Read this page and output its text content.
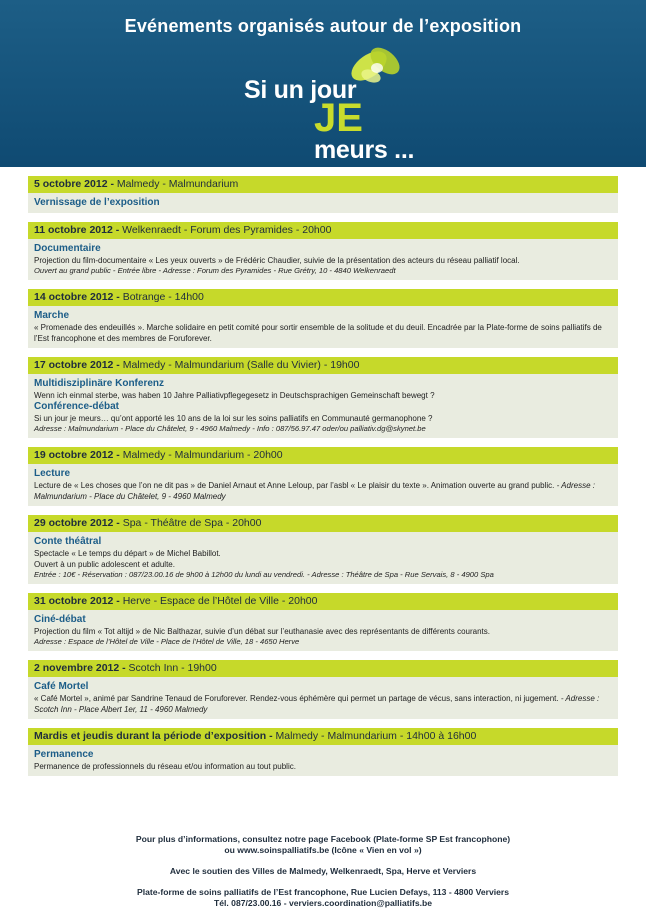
Evénements organisés autour de l’exposition
Si un jour
JE
meurs ...
5 octobre 2012 - Malmedy - Malmundarium
Vernissage de l’exposition
11 octobre 2012 - Welkenraedt - Forum des Pyramides - 20h00
Documentaire
Projection du film-documentaire « Les yeux ouverts » de Frédéric Chaudier, suivie de la présentation des acteurs du réseau palliatif local.
Ouvert au grand public - Entrée libre - Adresse : Forum des Pyramides - Rue Grétry, 10 - 4840 Welkenraedt
14 octobre 2012 - Botrange - 14h00
Marche
« Promenade des endeuillés ». Marche solidaire en petit comité pour sortir ensemble de la solitude et du deuil. Encadrée par la Plate-forme de soins palliatifs de l’Est francophone et des membres de Foruforever.
17 octobre 2012 - Malmedy - Malmundarium (Salle du Vivier) - 19h00
Multidisziplinäre Konferenz
Wenn ich einmal sterbe, was haben 10 Jahre Palliativpflegegesetz in Deutschsprachigen Gemeinschaft bewegt ?
Conférence-débat
Si un jour je meurs… qu’ont apporté les 10 ans de la loi sur les soins palliatifs en Communauté germanophone ?
Adresse : Malmundarium - Place du Châtelet, 9 - 4960 Malmedy - Info : 087/56.97.47 oder/ou palliativ.dg@skynet.be
19 octobre 2012 - Malmedy - Malmundarium - 20h00
Lecture
Lecture de « Les choses que l’on ne dit pas » de Daniel Arnaut et Anne Leloup, par l’asbl « Le plaisir du texte ». Animation ouverte au grand public. - Adresse : Malmundarium - Place du Châtelet, 9 - 4960 Malmedy
29 octobre 2012 - Spa - Théâtre de Spa - 20h00
Conte théâtral
Spectacle « Le temps du départ » de Michel Babillot.
Ouvert à un public adolescent et adulte.
Entrée : 10€ - Réservation : 087/23.00.16 de 9h00 à 12h00 du lundi au vendredi. - Adresse : Théâtre de Spa - Rue Servais, 8 - 4900 Spa
31 octobre 2012 - Herve - Espace de l’Hôtel de Ville - 20h00
Ciné-débat
Projection du film « Tot altijd » de Nic Balthazar, suivie d’un débat sur l’euthanasie avec des représentants de différents courants.
Adresse : Espace de l’Hôtel de Ville - Place de l’Hôtel de Ville, 18 - 4650 Herve
2 novembre 2012 - Scotch Inn - 19h00
Café Mortel
« Café Mortel », animé par Sandrine Tenaud de Foruforever. Rendez-vous éphémère qui permet un partage de vécus, sans interaction, ni jugement. - Adresse : Scotch Inn - Place Albert 1er, 11 - 4960 Malmedy
Mardis et jeudis durant la période d’exposition - Malmedy - Malmundarium - 14h00 à 16h00
Permanence
Permanence de professionnels du réseau et/ou information au tout public.

Pour plus d’informations, consultez notre page Facebook (Plate-forme SP Est francophone)

ou www.soinspalliatifs.be (Icône « Vien en vol »)

Avec le soutien des Villes de Malmedy, Welkenraedt, Spa, Herve et Verviers

Plate-forme de soins palliatifs de l’Est francophone, Rue Lucien Defays, 113 - 4800 Verviers

Tél. 087/23.00.16 - verviers.coordination@palliatifs.be
